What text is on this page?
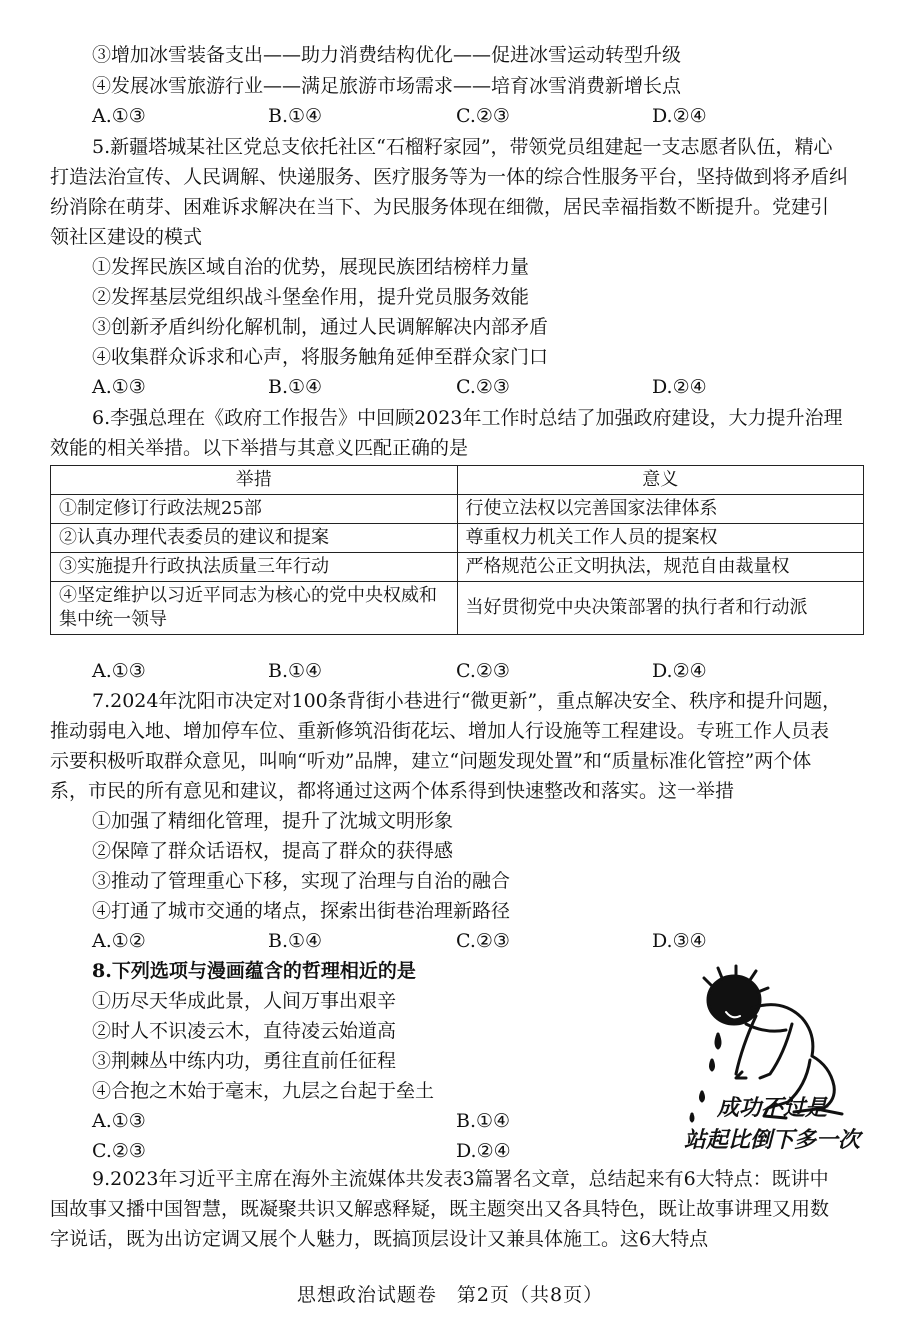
③增加冰雪装备支出——助力消费结构优化——促进冰雪运动转型升级
④发展冰雪旅游行业——满足旅游市场需求——培育冰雪消费新增长点
A.①③	B.①④	C.②③	D.②④
5.新疆塔城某社区党总支依托社区“石榴籽家园”，带领党员组建起一支志愿者队伍，精心
打造法治宣传、人民调解、快递服务、医疗服务等为一体的综合性服务平台，坚持做到将矛盾纠
纷消除在萌芽、困难诉求解决在当下、为民服务体现在细微，居民幸福指数不断提升。党建引
领社区建设的模式
①发挥民族区域自治的优势，展现民族团结榜样力量
②发挥基层党组织战斗堡垒作用，提升党员服务效能
③创新矛盾纠纷化解机制，通过人民调解解决内部矛盾
④收集群众诉求和心声，将服务触角延伸至群众家门口
A.①③	B.①④	C.②③	D.②④
6.李强总理在《政府工作报告》中回顾2023年工作时总结了加强政府建设，大力提升治理
效能的相关举措。以下举措与其意义匹配正确的是
举措	意义
①制定修订行政法规25部	行使立法权以完善国家法律体系
②认真办理代表委员的建议和提案	尊重权力机关工作人员的提案权
③实施提升行政执法质量三年行动	严格规范公正文明执法，规范自由裁量权
④坚定维护以习近平同志为核心的党中央权威和集中统一领导	当好贯彻党中央决策部署的执行者和行动派
A.①③	B.①④	C.②③	D.②④
7.2024年沈阳市决定对100条背街小巷进行“微更新”，重点解决安全、秩序和提升问题，
推动弱电入地、增加停车位、重新修筑沿街花坛、增加人行设施等工程建设。专班工作人员表
示要积极听取群众意见，叫响“听劝”品牌，建立“问题发现处置”和“质量标准化管控”两个体
系，市民的所有意见和建议，都将通过这两个体系得到快速整改和落实。这一举措
①加强了精细化管理，提升了沈城文明形象
②保障了群众话语权，提高了群众的获得感
③推动了管理重心下移，实现了治理与自治的融合
④打通了城市交通的堵点，探索出街巷治理新路径
A.①②	B.①④	C.②③	D.③④
8.下列选项与漫画蕴含的哲理相近的是
①历尽天华成此景，人间万事出艰辛
②时人不识凌云木，直待凌云始道高
③荆棘丛中练内功，勇往直前任征程
④合抱之木始于毫末，九层之台起于垒土
A.①③	B.①④
C.②③	D.②④
成功不过是
站起比倒下多一次
9.2023年习近平主席在海外主流媒体共发表3篇署名文章，总结起来有6大特点：既讲中
国故事又播中国智慧，既凝聚共识又解惑释疑，既主题突出又各具特色，既让故事讲理又用数
字说话，既为出访定调又展个人魅力，既搞顶层设计又兼具体施工。这6大特点
思想政治试题卷　第2页（共8页）
